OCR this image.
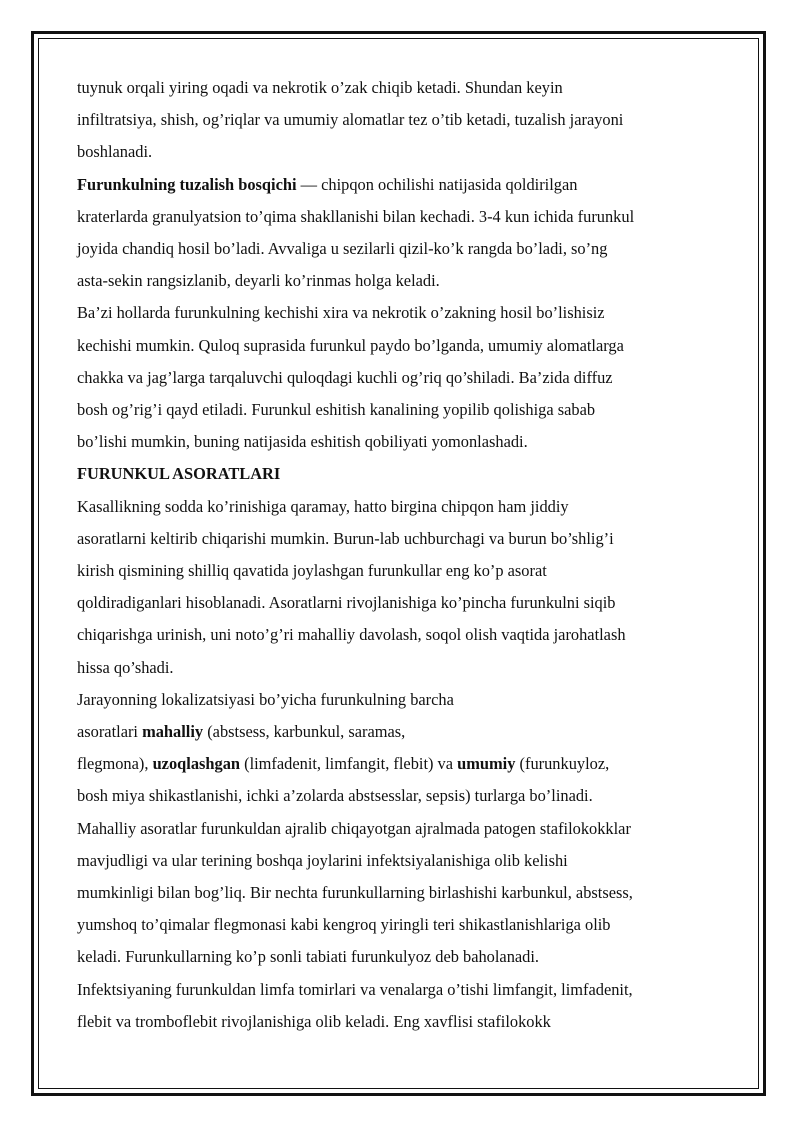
tuynuk orqali yiring oqadi va nekrotik o’zak chiqib ketadi. Shundan keyin
infiltratsiya, shish, og’riqlar va umumiy alomatlar tez o’tib ketadi, tuzalish jarayoni
boshlanadi.
Furunkulning tuzalish bosqichi — chipqon ochilishi natijasida qoldirilgan
kraterlarda granulyatsion to’qima shakllanishi bilan kechadi. 3-4 kun ichida furunkul
joyida chandiq hosil bo’ladi. Avvaliga u sezilarli qizil-ko’k rangda bo’ladi, so’ng
asta-sekin rangsizlanib, deyarli ko’rinmas holga keladi.
Ba’zi hollarda furunkulning kechishi xira va nekrotik o’zakning hosil bo’lishisiz
kechishi mumkin. Quloq suprasida furunkul paydo bo’lganda, umumiy alomatlarga
chakka va jag’larga tarqaluvchi quloqdagi kuchli og’riq qo’shiladi. Ba’zida diffuz
bosh og’rig’i qayd etiladi. Furunkul eshitish kanalining yopilib qolishiga sabab
bo’lishi mumkin, buning natijasida eshitish qobiliyati yomonlashadi.
FURUNKUL ASORATLARI
Kasallikning sodda ko’rinishiga qaramay, hatto birgina chipqon ham jiddiy
asoratlarni keltirib chiqarishi mumkin. Burun-lab uchburchagi va burun bo’shlig’i
kirish qismining shilliq qavatida joylashgan furunkullar eng ko’p asorat
qoldiradiganlari hisoblanadi. Asoratlarni rivojlanishiga ko’pincha furunkulni siqib
chiqarishga urinish, uni noto’g’ri mahalliy davolash, soqol olish vaqtida jarohatlash
hissa qo’shadi.
Jarayonning lokalizatsiyasi bo’yicha furunkulning barcha
asoratlari mahalliy (abstsess, karbunkul, saramas,
flegmona), uzoqlashgan (limfadenit, limfangit, flebit) va umumiy (furunkuyloz,
bosh miya shikastlanishi, ichki a’zolarda abstsesslar, sepsis) turlarga bo’linadi.
Mahalliy asoratlar furunkuldan ajralib chiqayotgan ajralmada patogen stafilokokklar
mavjudligi va ular terining boshqa joylarini infektsiyalanishiga olib kelishi
mumkinligi bilan bog’liq. Bir nechta furunkullarning birlashishi karbunkul, abstsess,
yumshoq to’qimalar flegmonasi kabi kengroq yiringli teri shikastlanishlariga olib
keladi. Furunkullarning ko’p sonli tabiati furunkulyoz deb baholanadi.
Infektsiyaning furunkuldan limfa tomirlari va venalarga o’tishi limfangit, limfadenit,
flebit va tromboflebit rivojlanishiga olib keladi. Eng xavflisi stafilokokk
